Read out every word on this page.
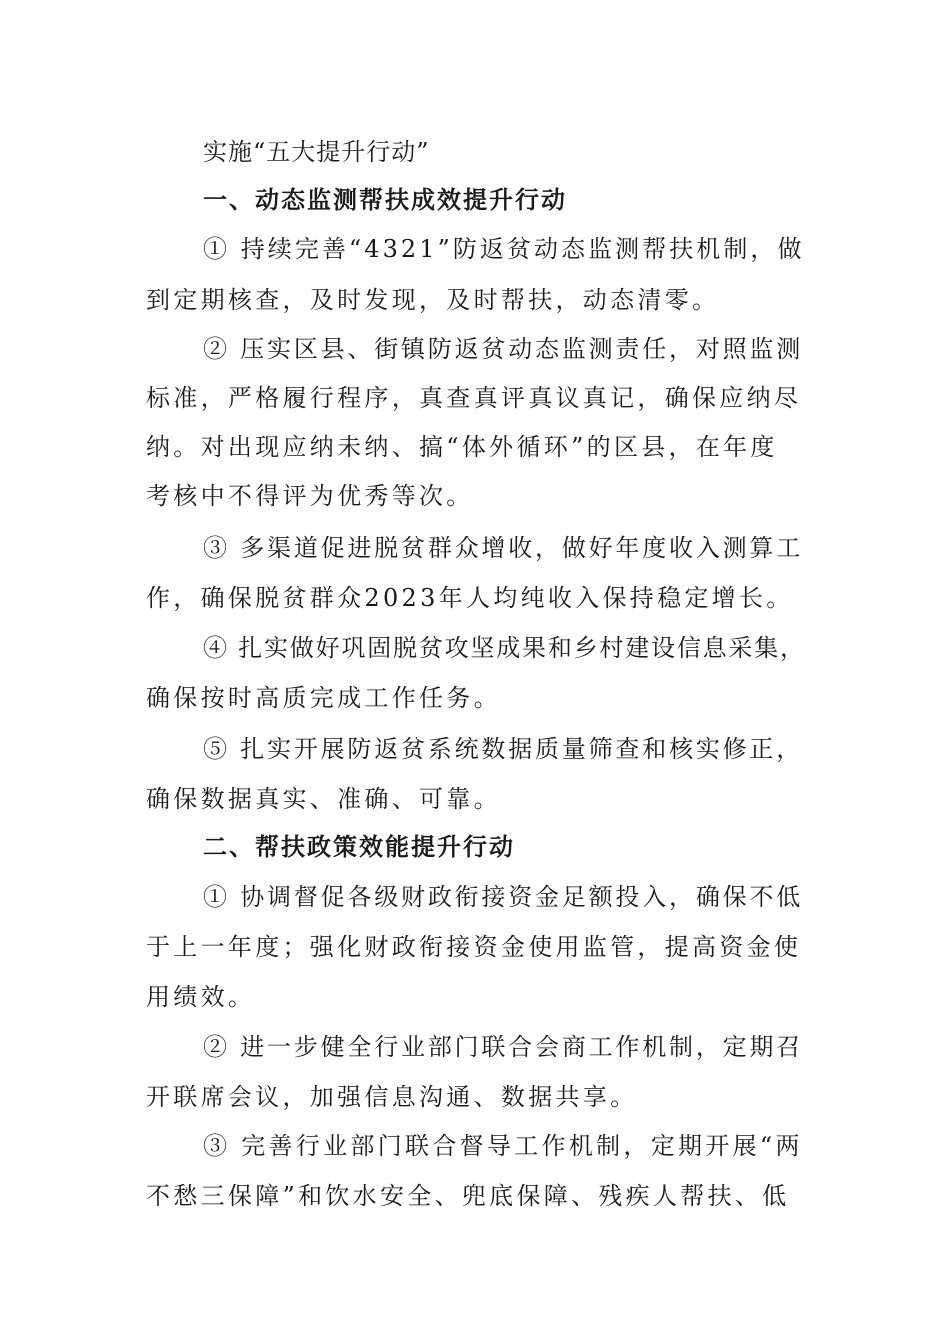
实施“五大提升行动”
一、动态监测帮扶成效提升行动
① 持续完善“4321”防返贫动态监测帮扶机制，做
到定期核查，及时发现，及时帮扶，动态清零。
② 压实区县、街镇防返贫动态监测责任，对照监测
标准，严格履行程序，真查真评真议真记，确保应纳尽
纳。对出现应纳未纳、搞“体外循环”的区县，在年度
考核中不得评为优秀等次。
③ 多渠道促进脱贫群众增收，做好年度收入测算工
作，确保脱贫群众2023年人均纯收入保持稳定增长。
④ 扎实做好巩固脱贫攻坚成果和乡村建设信息采集，
确保按时高质完成工作任务。
⑤ 扎实开展防返贫系统数据质量筛查和核实修正，
确保数据真实、准确、可靠。
二、帮扶政策效能提升行动
① 协调督促各级财政衔接资金足额投入，确保不低
于上一年度；强化财政衔接资金使用监管，提高资金使
用绩效。
② 进一步健全行业部门联合会商工作机制，定期召
开联席会议，加强信息沟通、数据共享。
③ 完善行业部门联合督导工作机制，定期开展“两
不愁三保障”和饮水安全、兜底保障、残疾人帮扶、低
